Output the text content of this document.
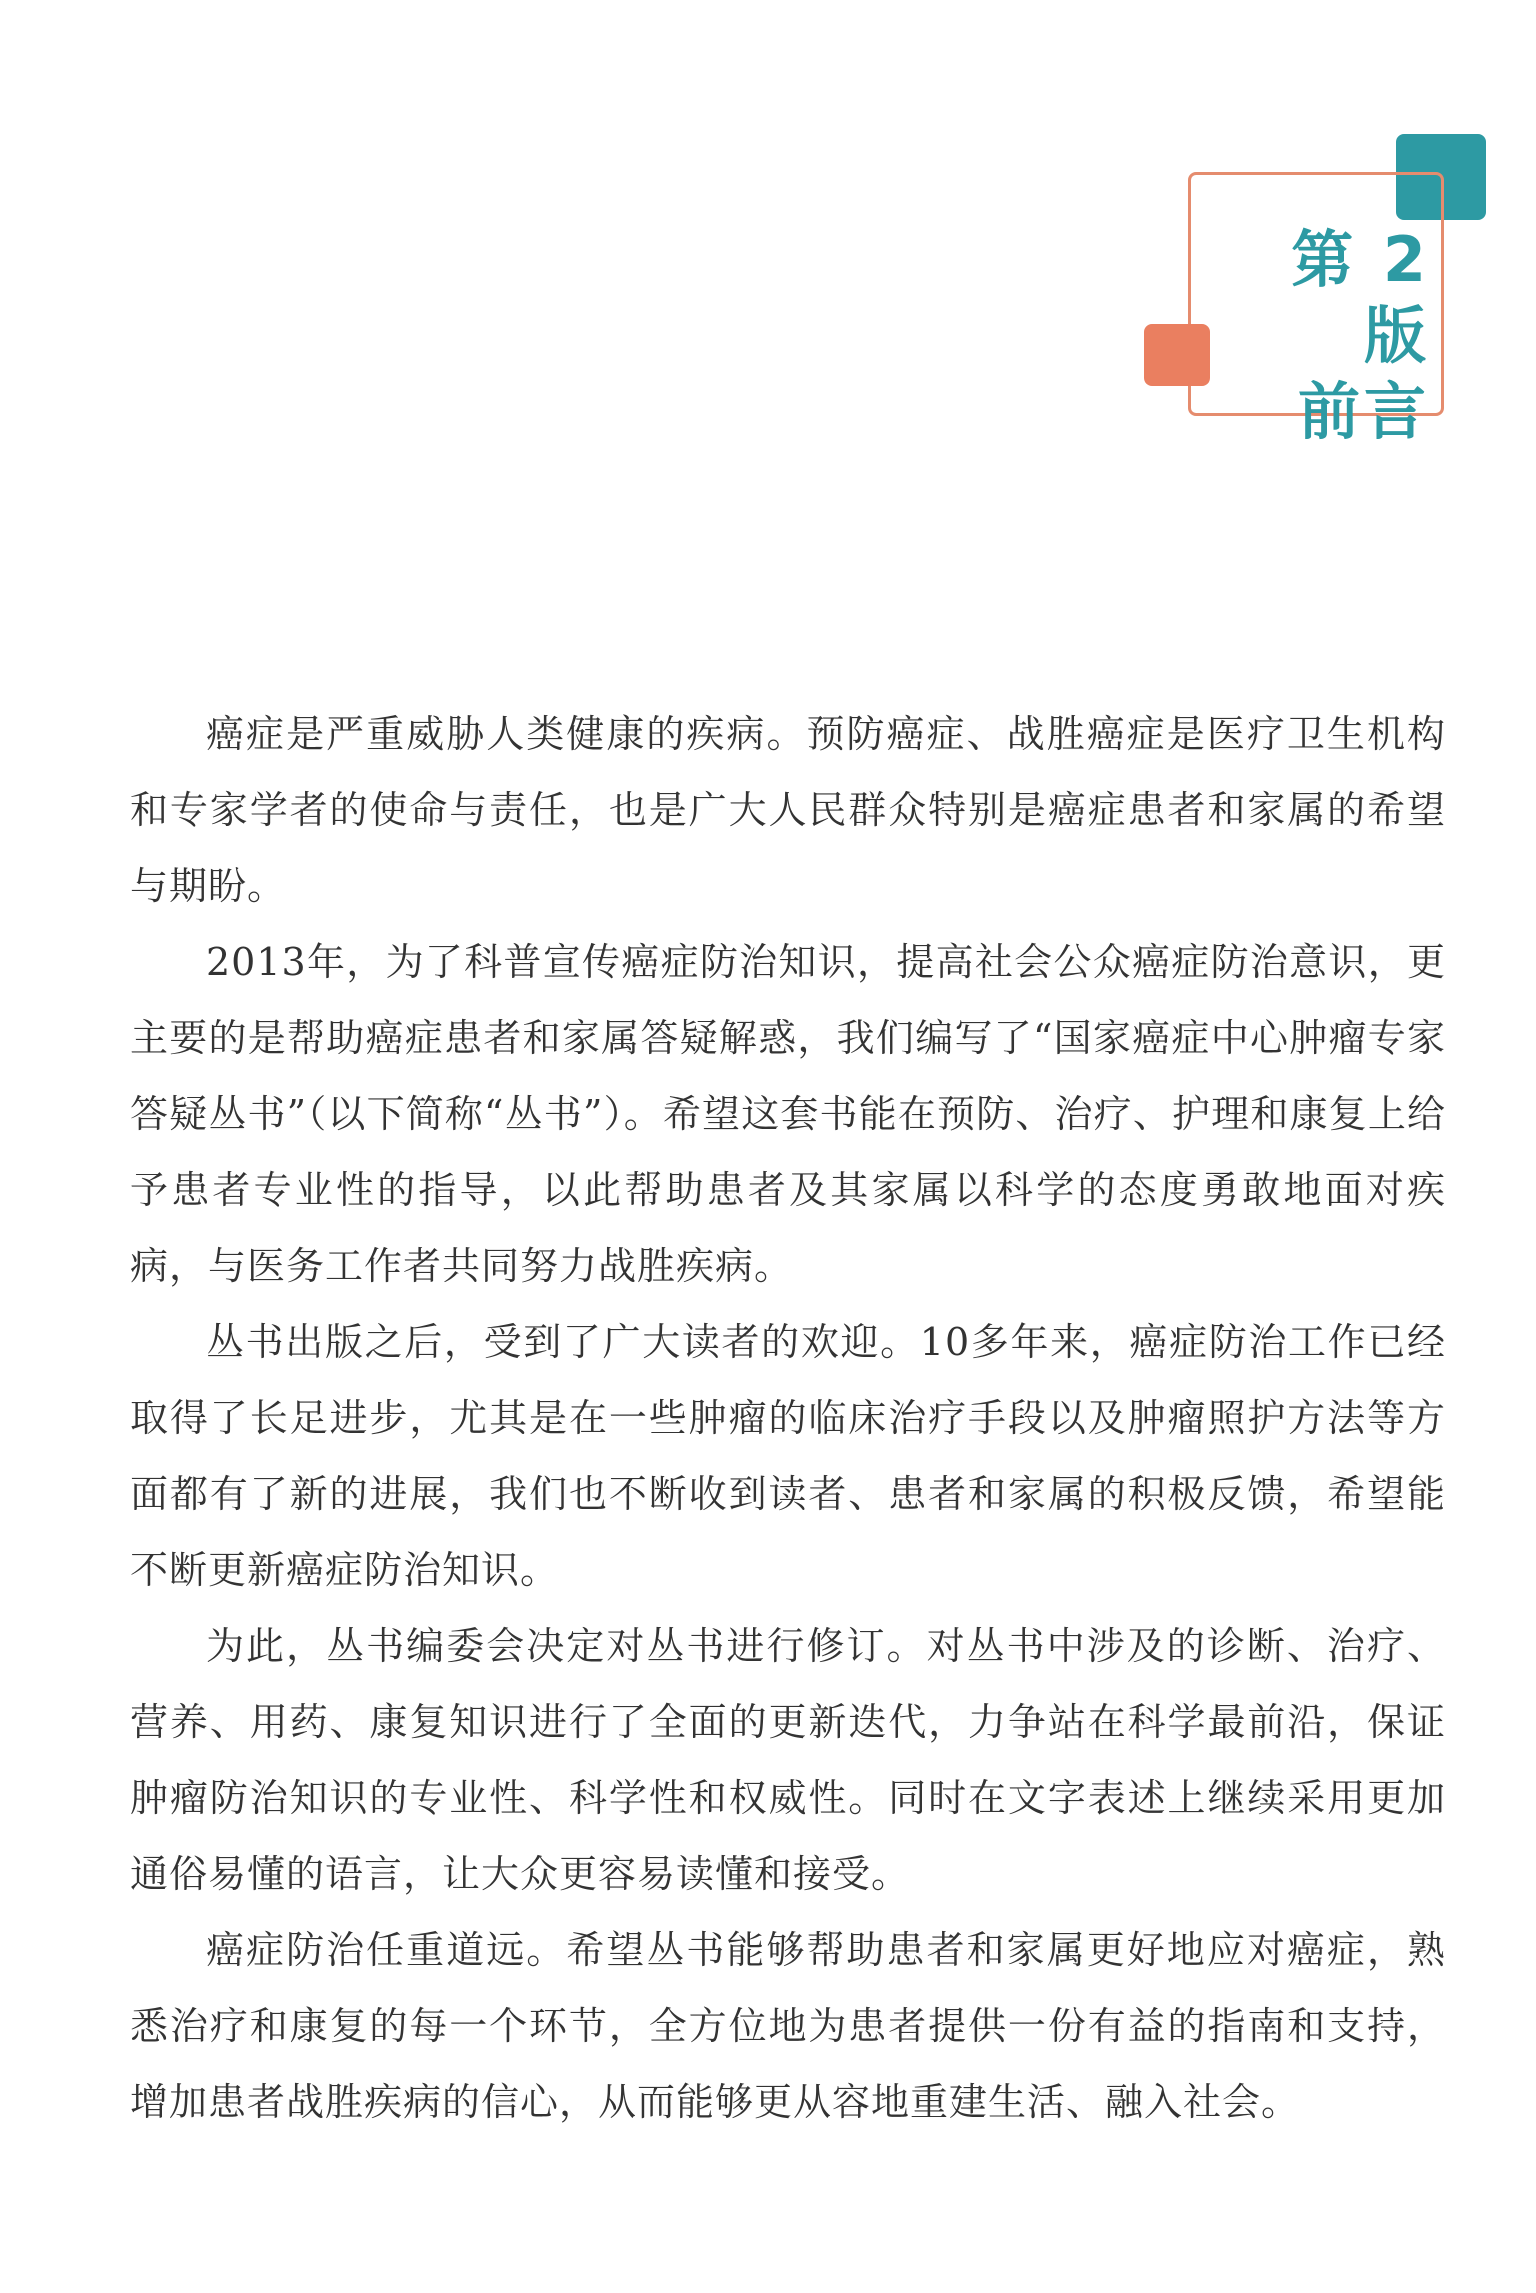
第 2 版
前言

癌症是严重威胁人类健康的疾病。预防癌症、战胜癌症是医疗卫生机构和专家学者的使命与责任，也是广大人民群众特别是癌症患者和家属的希望与期盼。

2013年，为了科普宣传癌症防治知识，提高社会公众癌症防治意识，更主要的是帮助癌症患者和家属答疑解惑，我们编写了“国家癌症中心肿瘤专家答疑丛书”（以下简称“丛书”）。希望这套书能在预防、治疗、护理和康复上给予患者专业性的指导，以此帮助患者及其家属以科学的态度勇敢地面对疾病，与医务工作者共同努力战胜疾病。

丛书出版之后，受到了广大读者的欢迎。10多年来，癌症防治工作已经取得了长足进步，尤其是在一些肿瘤的临床治疗手段以及肿瘤照护方法等方面都有了新的进展，我们也不断收到读者、患者和家属的积极反馈，希望能不断更新癌症防治知识。

为此，丛书编委会决定对丛书进行修订。对丛书中涉及的诊断、治疗、营养、用药、康复知识进行了全面的更新迭代，力争站在科学最前沿，保证肿瘤防治知识的专业性、科学性和权威性。同时在文字表述上继续采用更加通俗易懂的语言，让大众更容易读懂和接受。

癌症防治任重道远。希望丛书能够帮助患者和家属更好地应对癌症，熟悉治疗和康复的每一个环节，全方位地为患者提供一份有益的指南和支持，增加患者战胜疾病的信心，从而能够更从容地重建生活、融入社会。
